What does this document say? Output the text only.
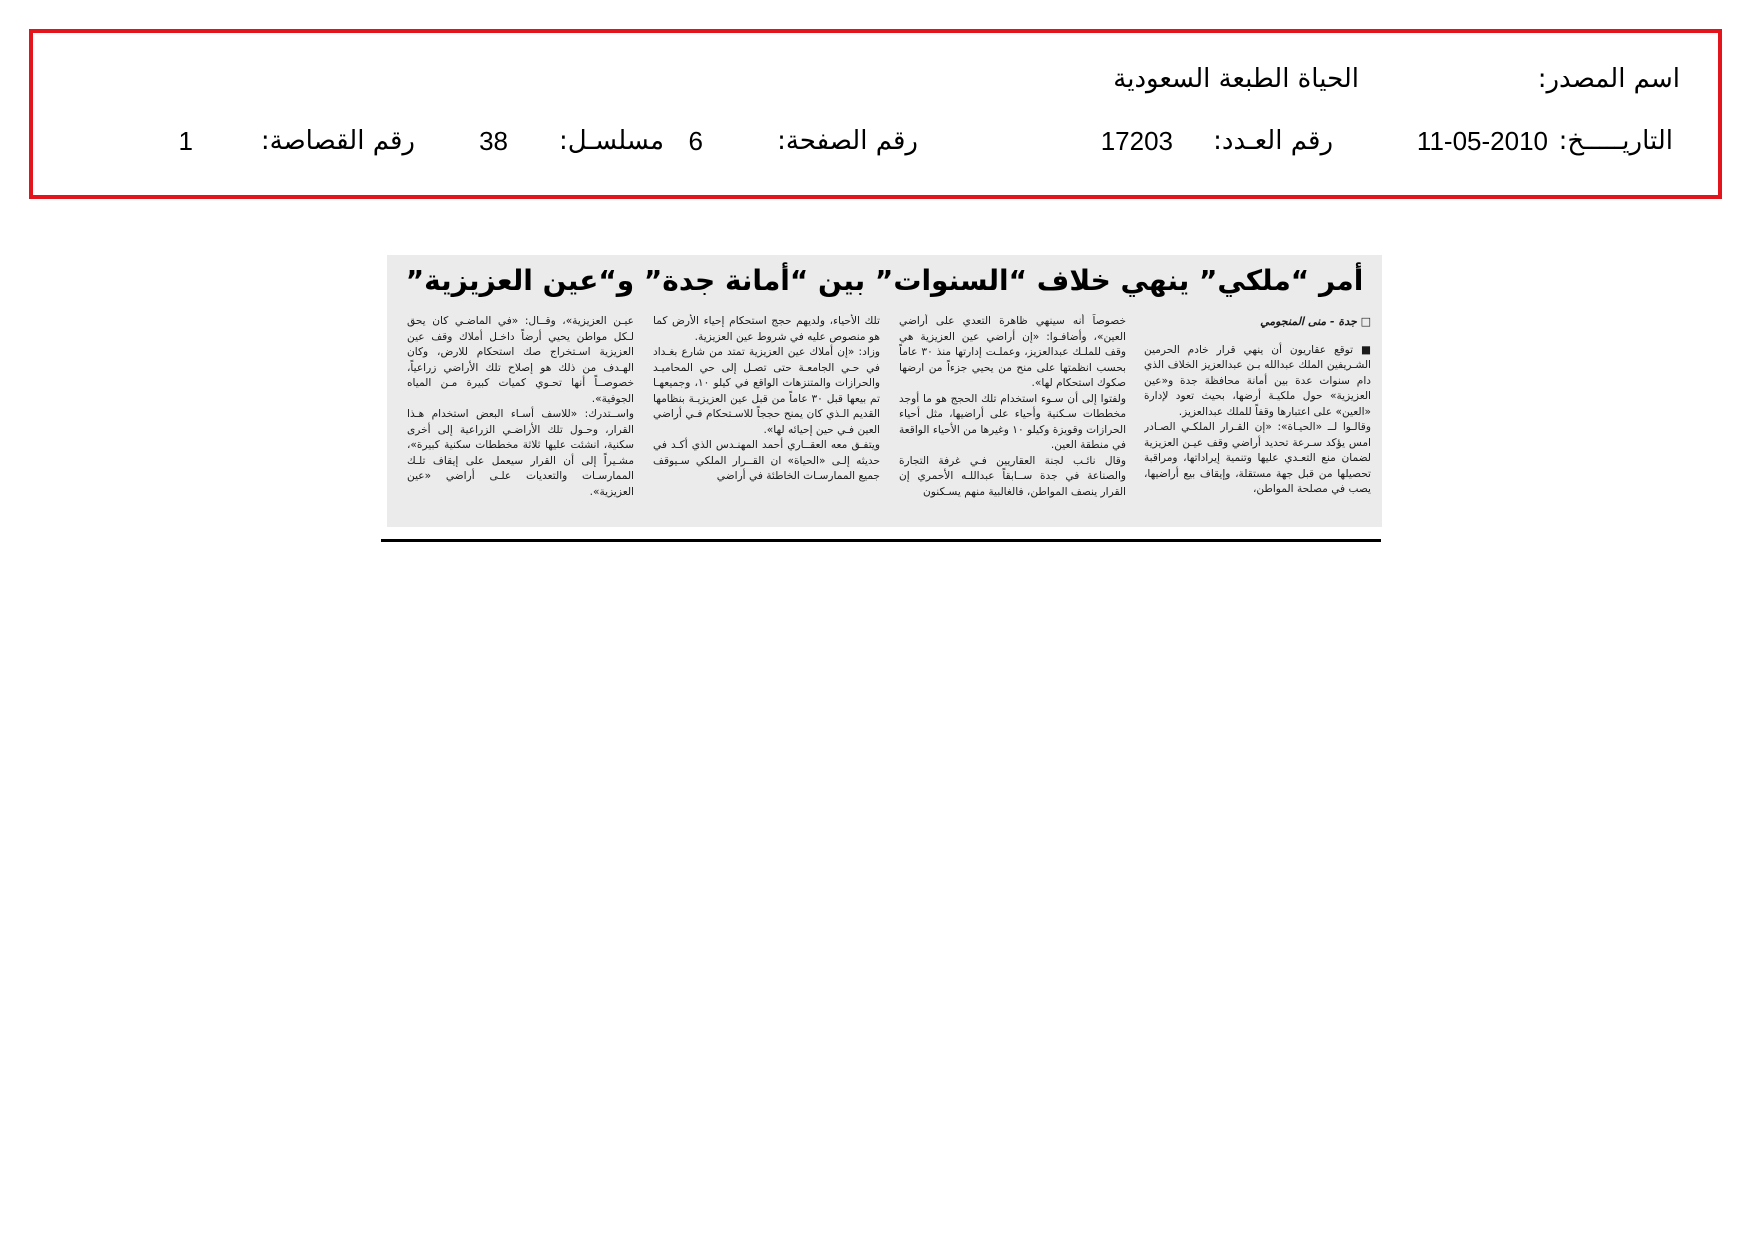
اسم المصدر:
الحياة الطبعة السعودية
التاريـــــخ:
11-05-2010
رقم العـدد:
17203
رقم الصفحة:
6
مسلسـل:
38
رقم القصاصة:
1
أمر “ملكي” ينهي خلاف “السنوات” بين “أمانة جدة” و“عين العزيزية”

□ جدة - منى المنجومي

■ توقع عقاريون أن ينهي قرار خادم الحرمين الشـريفين الملك عبدالله بـن عبدالعزيز الخلاف الذي دام سنوات عدة بين أمانة محافظة جدة و«عين العزيزية» حول ملكيـة أرضها، بحيث تعود لإدارة «العين» على اعتبارها وقفاً للملك عبدالعزيز.

وقالـوا لــ «الحيـاة»: «إن القـرار الملكـي الصـادر امس يؤكد سـرعة تحديد أراضي وقف عيـن العزيزية لضمان منع التعـدي عليها وتنمية إيراداتها، ومراقبة تحصيلها من قبل جهة مستقلة، وإيقاف بيع أراضيها، يصب في مصلحة المواطن،

خصوصاً أنه سينهي ظاهرة التعدي على أراضي العين»، وأضافـوا: «إن أراضي عين العزيزية هي وقف للملـك عبدالعزيز، وعملـت إدارتها منذ ٣٠ عاماً بحسب انظمتها على منح من يحيي جزءاً من ارضها صكوك استحكام لها».

ولفتوا إلى أن سـوء استخدام تلك الحجج هو ما أوجد مخططات سـكنية وأحياء على أراضيها، مثل أحياء الحرازات وقويزة وكيلو ١٠ وغيرها من الأحياء الواقعة في منطقة العين.

وقال نائـب لجنة العقاريين فـي غرفة التجارة والصناعة في جدة ســابقاً عبداللـه الأحمري إن القرار ينصف المواطن، فالغالبية منهم يسـكنون

تلك الأحياء، ولديهم حجج استحكام إحياء الأرض كما هو منصوص عليه في شروط عين العزيزية.

وزاد: «إن أملاك عين العزيزية تمتد من شارع بغـداد في حـي الجامعـة حتى تصـل إلى حي المحاميـد والحرازات والمتنزهات الواقع في كيلو ١٠، وجميعهـا تم بيعها قبل ٣٠ عاماً من قبل عين العزيزيـة بنظامها القديم الـذي كان يمنح حججاً للاسـتحكام فـي أراضي العين فـي حين إحيائه لها».

ويتفـق معه العقــاري أحمد المهنـدس الذي أكـد في حديثه إلـى «الحياة» ان القــرار الملكي سـيوقف جميع الممارسـات الخاطئة في أراضي

عيـن العزيزية»، وقــال: «في الماضـي كان يحق لـكل مواطن يحيي أرضاً داخـل أملاك وقف عين العزيزية اسـتخراج صك استحكام للارض، وكان الهـدف من ذلك هو إصلاح تلك الأراضي زراعياً، خصوصــاً أنها تحـوي كميات كبيرة مـن المياه الجوفية».

واســتدرك: «للاسف أسـاء البعض استخدام هـذا القرار، وحـول تلك الأراضـي الزراعية إلى أخرى سكنية، انشئت عليها ثلاثة مخططات سكنية كبيرة»، مشـيراً إلى أن القرار سيعمل على إيقاف تلـك الممارسـات والتعديات علـى أراضي «عين العزيزية».
